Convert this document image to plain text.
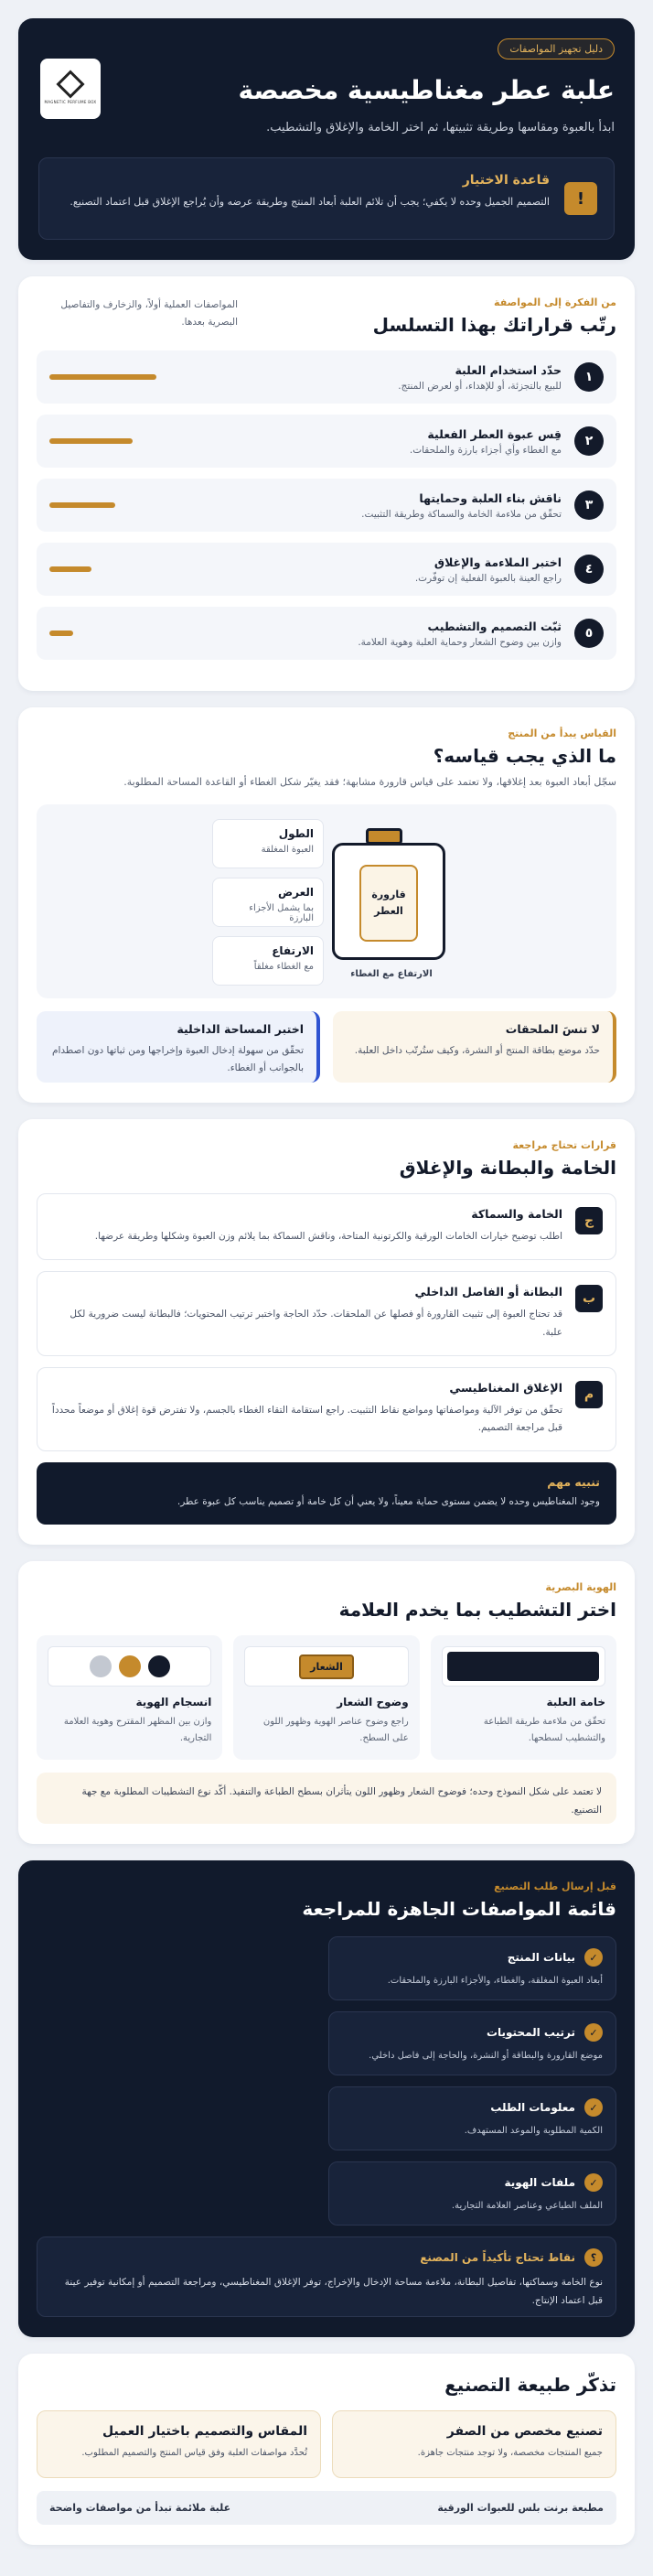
دليل تجهيز المواصفات
MAGNETIC PERFUME BOX	علبة عطر مغناطيسية مخصصة

ابدأ بالعبوة ومقاسها وطريقة تثبيتها، ثم اختر الخامة والإغلاق والتشطيب.

!
قاعدة الاختيار
التصميم الجميل وحده لا يكفي؛ يجب أن تلائم العلبة أبعاد المنتج وطريقة عرضه وأن يُراجع الإغلاق قبل اعتماد التصنيع.
من الفكرة إلى المواصفة
رتّب قراراتك بهذا التسلسل
المواصفات العملية أولاً، والزخارف والتفاصيل البصرية بعدها.
١
حدّد استخدام العلبة
للبيع بالتجزئة، أو للإهداء، أو لعرض المنتج.
٢
قِس عبوة العطر الفعلية
مع الغطاء وأي أجزاء بارزة والملحقات.
٣
ناقش بناء العلبة وحمايتها
تحقّق من ملاءمة الخامة والسماكة وطريقة التثبيت.
٤
اختبر الملاءمة والإغلاق
راجع العينة بالعبوة الفعلية إن توفّرت.
٥
ثبّت التصميم والتشطيب
وازن بين وضوح الشعار وحماية العلبة وهوية العلامة.
القياس يبدأ من المنتج
ما الذي يجب قياسه؟

سجّل أبعاد العبوة بعد إغلاقها، ولا تعتمد على قياس قارورة مشابهة؛ فقد يغيّر شكل الغطاء أو القاعدة المساحة المطلوبة.

قارورة
العطر
الارتفاع مع الغطاء
الطول
العبوة المغلقة
العرض
بما يشمل الأجزاء البارزة
الارتفاع
مع الغطاء مغلقاً
لا تنسَ الملحقات
حدّد موضع بطاقة المنتج أو النشرة، وكيف ستُرتّب داخل العلبة.
اختبر المساحة الداخلية
تحقّق من سهولة إدخال العبوة وإخراجها ومن ثباتها دون اصطدام بالجوانب أو الغطاء.
قرارات تحتاج مراجعة
الخامة والبطانة والإغلاق
ج
الخامة والسماكة
اطلب توضيح خيارات الخامات الورقية والكرتونية المتاحة، وناقش السماكة بما يلائم وزن العبوة وشكلها وطريقة عرضها.
ب
البطانة أو الفاصل الداخلي
قد تحتاج العبوة إلى تثبيت القارورة أو فصلها عن الملحقات. حدّد الحاجة واختبر ترتيب المحتويات؛ فالبطانة ليست ضرورية لكل علبة.
م
الإغلاق المغناطيسي
تحقّق من توفر الآلية ومواصفاتها ومواضع نقاط التثبيت. راجع استقامة التقاء الغطاء بالجسم، ولا تفترض قوة إغلاق أو موضعاً محدداً قبل مراجعة التصميم.
تنبيه مهم
وجود المغناطيس وحده لا يضمن مستوى حماية معيناً، ولا يعني أن كل خامة أو تصميم يناسب كل عبوة عطر.
الهوية البصرية
اختر التشطيب بما يخدم العلامة
خامة العلبة
تحقّق من ملاءمة طريقة الطباعة والتشطيب لسطحها.
الشعار
وضوح الشعار
راجع وضوح عناصر الهوية وظهور اللون على السطح.
انسجام الهوية
وازن بين المظهر المقترح وهوية العلامة التجارية.
لا تعتمد على شكل النموذج وحده؛ فوضوح الشعار وظهور اللون يتأثران بسطح الطباعة والتنفيذ. أكّد نوع التشطيبات المطلوبة مع جهة التصنيع.
قبل إرسال طلب التصنيع
قائمة المواصفات الجاهزة للمراجعة
✓
بيانات المنتج
أبعاد العبوة المغلقة، والغطاء، والأجزاء البارزة والملحقات.
✓
ترتيب المحتويات
موضع القارورة والبطاقة أو النشرة، والحاجة إلى فاصل داخلي.
✓
معلومات الطلب
الكمية المطلوبة والموعد المستهدف.
✓
ملفات الهوية
الملف الطباعي وعناصر العلامة التجارية.
؟
نقاط تحتاج تأكيداً من المصنع
نوع الخامة وسماكتها، تفاصيل البطانة، ملاءمة مساحة الإدخال والإخراج، توفر الإغلاق المغناطيسي، ومراجعة التصميم أو إمكانية توفير عينة قبل اعتماد الإنتاج.
تذكّر طبيعة التصنيع
تصنيع مخصص من الصفر
جميع المنتجات مخصصة، ولا توجد منتجات جاهزة.
المقاس والتصميم باختيار العميل
تُحدَّد مواصفات العلبة وفق قياس المنتج والتصميم المطلوب.
مطبعة برنت بلس للعبوات الورقية
علبة ملائمة تبدأ من مواصفات واضحة
